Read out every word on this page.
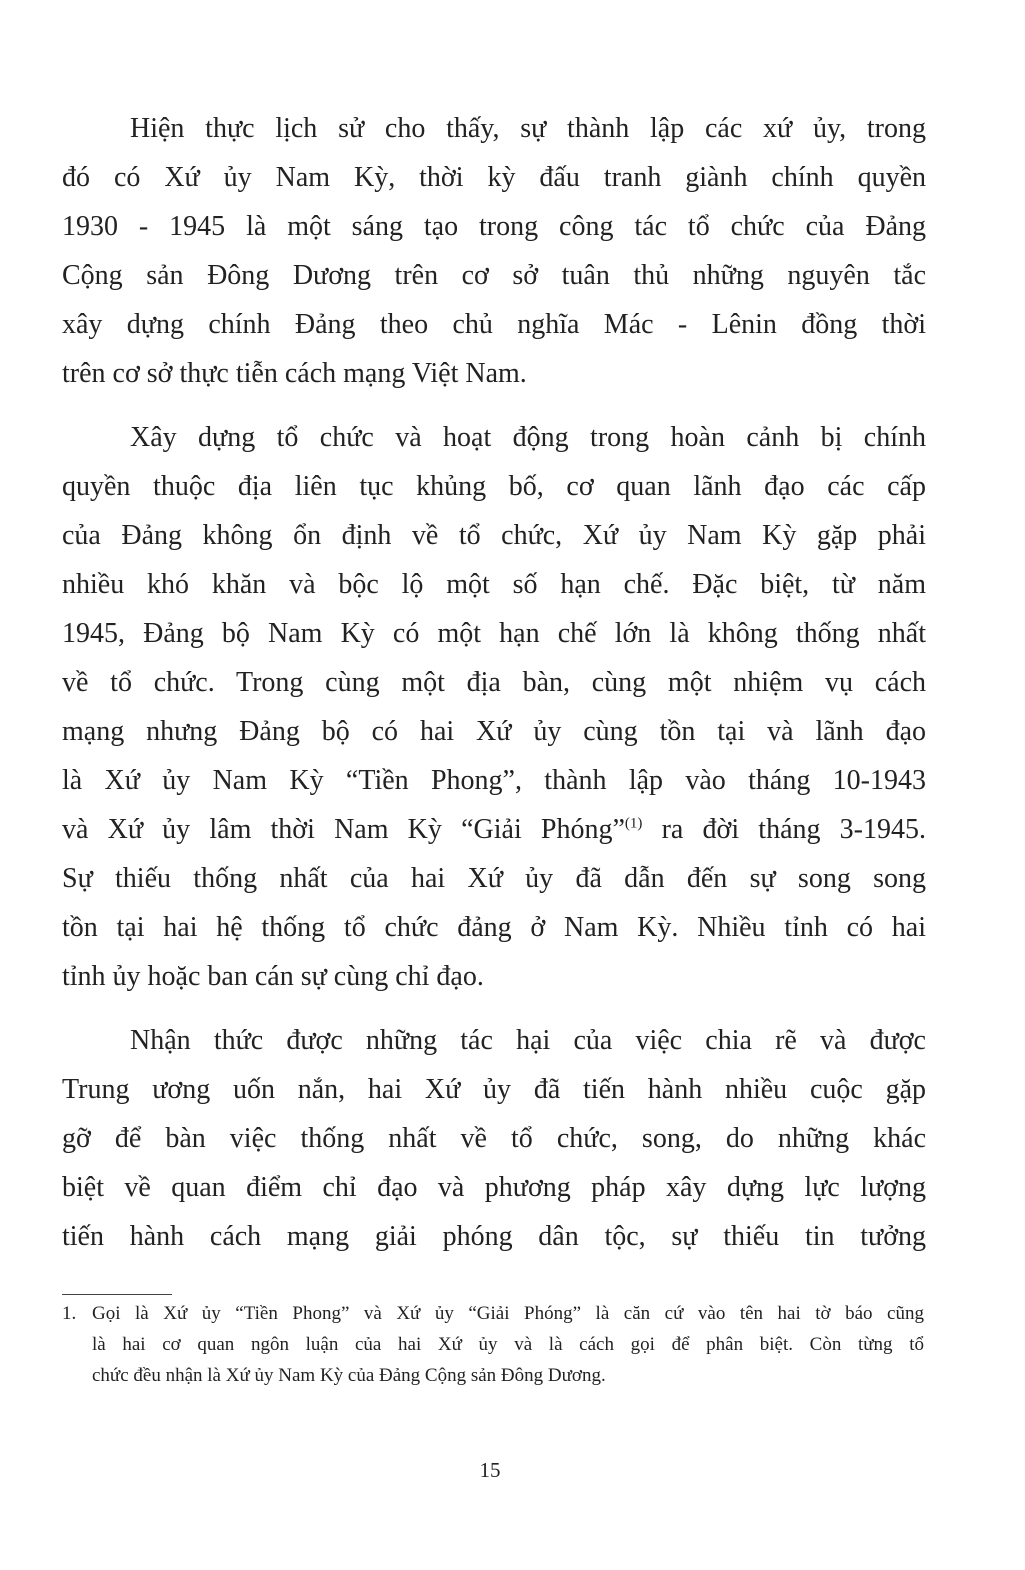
Hiện thực lịch sử cho thấy, sự thành lập các xứ ủy, trong
đó có Xứ ủy Nam Kỳ, thời kỳ đấu tranh giành chính quyền
1930 - 1945 là một sáng tạo trong công tác tổ chức của Đảng
Cộng sản Đông Dương trên cơ sở tuân thủ những nguyên tắc
xây dựng chính Đảng theo chủ nghĩa Mác - Lênin đồng thời
trên cơ sở thực tiễn cách mạng Việt Nam.
Xây dựng tổ chức và hoạt động trong hoàn cảnh bị chính
quyền thuộc địa liên tục khủng bố, cơ quan lãnh đạo các cấp
của Đảng không ổn định về tổ chức, Xứ ủy Nam Kỳ gặp phải
nhiều khó khăn và bộc lộ một số hạn chế. Đặc biệt, từ năm
1945, Đảng bộ Nam Kỳ có một hạn chế lớn là không thống nhất
về tổ chức. Trong cùng một địa bàn, cùng một nhiệm vụ cách
mạng nhưng Đảng bộ có hai Xứ ủy cùng tồn tại và lãnh đạo
là Xứ ủy Nam Kỳ “Tiền Phong”, thành lập vào tháng 10-1943
và Xứ ủy lâm thời Nam Kỳ “Giải Phóng”$^{(1)}$ ra đời tháng 3-1945.
Sự thiếu thống nhất của hai Xứ ủy đã dẫn đến sự song song
tồn tại hai hệ thống tổ chức đảng ở Nam Kỳ. Nhiều tỉnh có hai
tỉnh ủy hoặc ban cán sự cùng chỉ đạo.
Nhận thức được những tác hại của việc chia rẽ và được
Trung ương uốn nắn, hai Xứ ủy đã tiến hành nhiều cuộc gặp
gỡ để bàn việc thống nhất về tổ chức, song, do những khác
biệt về quan điểm chỉ đạo và phương pháp xây dựng lực lượng
tiến hành cách mạng giải phóng dân tộc, sự thiếu tin tưởng
1. Gọi là Xứ ủy “Tiền Phong” và Xứ ủy “Giải Phóng” là căn cứ vào tên hai tờ báo cũng
là hai cơ quan ngôn luận của hai Xứ ủy và là cách gọi để phân biệt. Còn từng tổ
chức đều nhận là Xứ ủy Nam Kỳ của Đảng Cộng sản Đông Dương.
15
